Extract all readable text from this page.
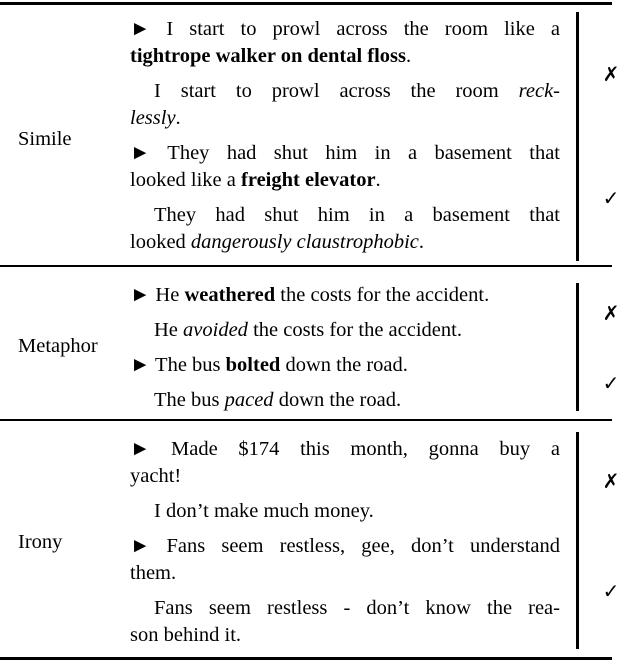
Simile
► I start to prowl across the room like a
tightrope walker on dental floss.
I start to prowl across the room reck-
lessly.
✗
► They had shut him in a basement that
looked like a freight elevator.
They had shut him in a basement that
looked dangerously claustrophobic.
✓
Metaphor
► He weathered the costs for the accident.
He avoided the costs for the accident.
✗
► The bus bolted down the road.
The bus paced down the road.
✓
Irony
► Made $174 this month, gonna buy a
yacht!
I don’t make much money.
✗
► Fans seem restless, gee, don’t understand
them.
Fans seem restless - don’t know the rea-
son behind it.
✓
